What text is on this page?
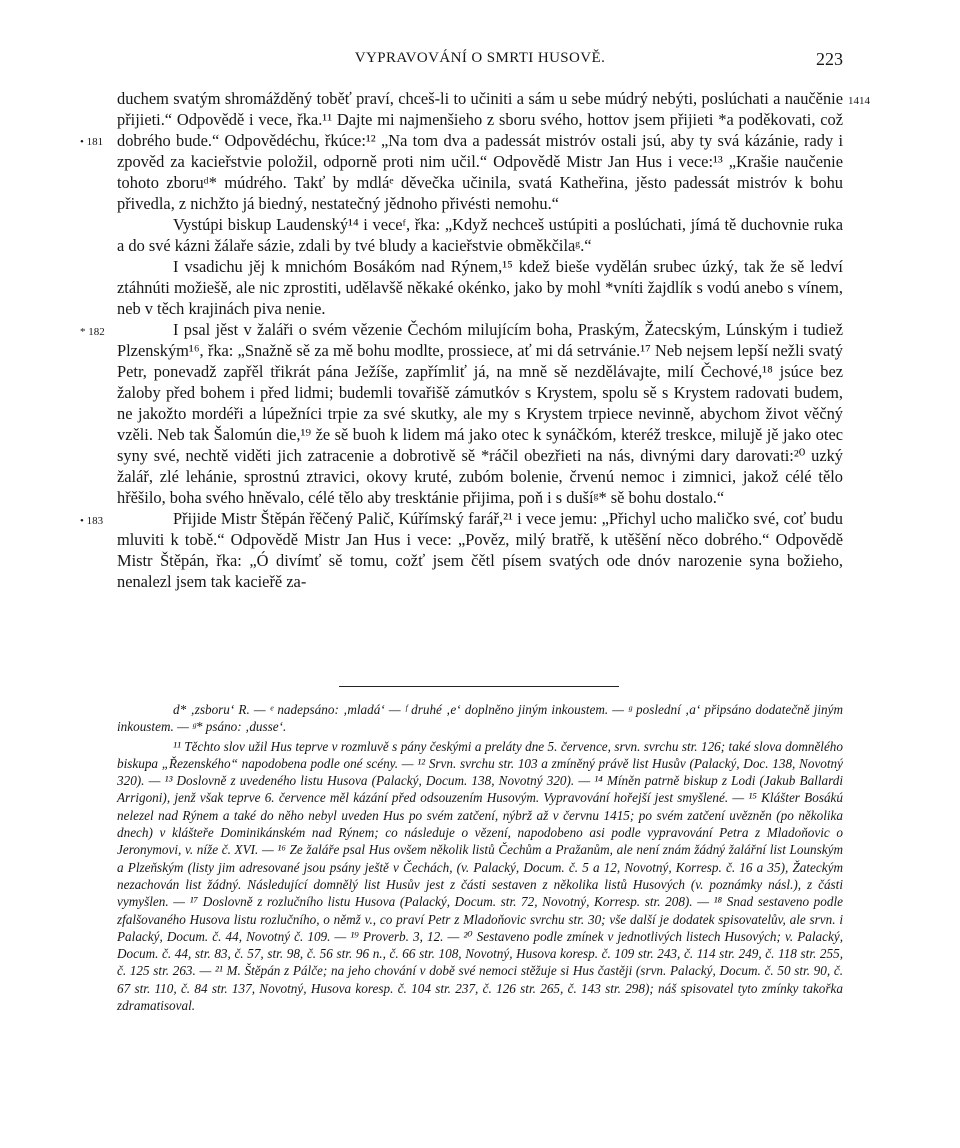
VYPRAVOVÁNÍ O SMRTI HUSOVĚ.	223
1414
• 181
* 182
• 183

duchem svatým shromážděný toběť praví, chceš-li to učiniti a sám u sebe múdrý nebýti, poslúchati a naučěnie přijieti.“ Odpovědě i vece, řka.¹¹ Dajte mi najmenšieho z sboru svého, hottov jsem přijieti *a poděkovati, což dobrého bude.“ Odpovědéchu, řkúce:¹² „Na tom dva a padessát mistróv ostali jsú, aby ty svá kázánie, rady i zpověd za kacieřstvie položil, odporně proti nim učil.“ Odpovědě Mistr Jan Hus i vece:¹³ „Krašie naučenie tohoto zboruᵈ* múdrého. Takť by mdláᵉ děvečka učinila, svatá Katheřina, jěsto padessát mistróv k bohu přivedla, z nichžto já biedný, nestatečný jědnoho přivésti nemohu.“

Vystúpi biskup Laudenský¹⁴ i veceᶠ, řka: „Když nechceš ustúpiti a poslúchati, jímá tě duchovnie ruka a do své kázni žálaře sázie, zdali by tvé bludy a kacieřstvie obměkčilaᵍ.“

I vsadichu jěj k mnichóm Bosákóm nad Rýnem,¹⁵ kdež bieše vydělán srubec úzký, tak že sě ledví ztáhnúti možiešě, ale nic zprostiti, udělavšě někaké okénko, jako by mohl *vníti žajdlík s vodú anebo s vínem, neb v těch krajinách piva nenie.

I psal jěst v žaláři o svém vězenie Čechóm milujícím boha, Praským, Žatecským, Lúnským i tudiež Plzenským¹⁶, řka: „Snažně sě za mě bohu modlte, prossiece, ať mi dá setrvánie.¹⁷ Neb nejsem lepší nežli svatý Petr, ponevadž zapřěl třikrát pána Ježíše, zapřímliť já, na mně sě nezdělávajte, milí Čechové,¹⁸ jsúce bez žaloby před bohem i před lidmi; budemli tovařišě zámutkóv s Krystem, spolu sě s Krystem radovati budem, ne jakožto mordéři a lúpežníci trpie za své skutky, ale my s Krystem trpiece nevinně, abychom život věčný vzěli. Neb tak Šalomún die,¹⁹ že sě buoh k lidem má jako otec k synáčkóm, kteréž treskce, milujě jě jako otec syny své, nechtě viděti jich zatracenie a dobrotivě sě *ráčil obezřieti na nás, divnými dary darovati:²⁰ uzký žalář, zlé lehánie, sprostnú ztravici, okovy kruté, zubóm bolenie, črvenú nemoc i zimnici, jakož célé tělo hřěšilo, boha svého hněvalo, célé tělo aby tresktánie přijima, poň i s dušíᵍ* sě bohu dostalo.“

Přijide Mistr Štěpán řěčený Palič, Kúřímský farář,²¹ i vece jemu: „Přichyl ucho maličko své, coť budu mluviti k tobě.“ Odpovědě Mistr Jan Hus i vece: „Pověz, milý bratřě, k utěšění něco dobrého.“ Odpovědě Mistr Štěpán, řka: „Ó divímť sě tomu, cožť jsem čětl písem svatých ode dnóv narozenie syna božieho, nenalezl jsem tak kacieřě za-

d* ‚zsboru‘ R. — ᵉ nadepsáno: ‚mladá‘ — ᶠ druhé ‚e‘ doplněno jiným inkoustem. — ᵍ poslední ‚a‘ připsáno dodatečně jiným inkoustem. — ᵍ* psáno: ‚dusse‘.

¹¹ Těchto slov užil Hus teprve v rozmluvě s pány českými a preláty dne 5. července, srvn. svrchu str. 126; také slova domnělého biskupa „Řezenského“ napodobena podle oné scény. — ¹² Srvn. svrchu str. 103 a zmíněný právě list Husův (Palacký, Doc. 138, Novotný 320). — ¹³ Doslovně z uvedeného listu Husova (Palacký, Docum. 138, Novotný 320). — ¹⁴ Míněn patrně biskup z Lodi (Jakub Ballardi Arrigoni), jenž však teprve 6. července měl kázání před odsouzením Husovým. Vypravování hořejší jest smyšlené. — ¹⁵ Klášter Bosákú nelezel nad Rýnem a také do něho nebyl uveden Hus po svém zatčení, nýbrž až v červnu 1415; po svém zatčení uvězněn (po několika dnech) v klášteře Dominikánském nad Rýnem; co následuje o vězení, napodobeno asi podle vypravování Petra z Mladoňovic o Jeronymovi, v. níže č. XVI. — ¹⁶ Ze žaláře psal Hus ovšem několik listů Čechům a Pražanům, ale není znám žádný žalářní list Lounským a Plzeňským (listy jim adresované jsou psány ještě v Čechách, (v. Palacký, Docum. č. 5 a 12, Novotný, Korresp. č. 16 a 35), Žateckým nezachován list žádný. Následující domnělý list Husův jest z části sestaven z několika listů Husových (v. poznámky násl.), z části vymyšlen. — ¹⁷ Doslovně z rozlučního listu Husova (Palacký, Docum. str. 72, Novotný, Korresp. str. 208). — ¹⁸ Snad sestaveno podle zfalšovaného Husova listu rozlučního, o němž v., co praví Petr z Mladoňovic svrchu str. 30; vše další je dodatek spisovatelův, ale srvn. i Palacký, Docum. č. 44, Novotný č. 109. — ¹⁹ Proverb. 3, 12. — ²⁰ Sestaveno podle zmínek v jednotlivých listech Husových; v. Palacký, Docum. č. 44, str. 83, č. 57, str. 98, č. 56 str. 96 n., č. 66 str. 108, Novotný, Husova koresp. č. 109 str. 243, č. 114 str. 249, č. 118 str. 255, č. 125 str. 263. — ²¹ M. Štěpán z Pálče; na jeho chování v době své nemoci stěžuje si Hus častěji (srvn. Palacký, Docum. č. 50 str. 90, č. 67 str. 110, č. 84 str. 137, Novotný, Husova koresp. č. 104 str. 237, č. 126 str. 265, č. 143 str. 298); náš spisovatel tyto zmínky takořka zdramatisoval.
